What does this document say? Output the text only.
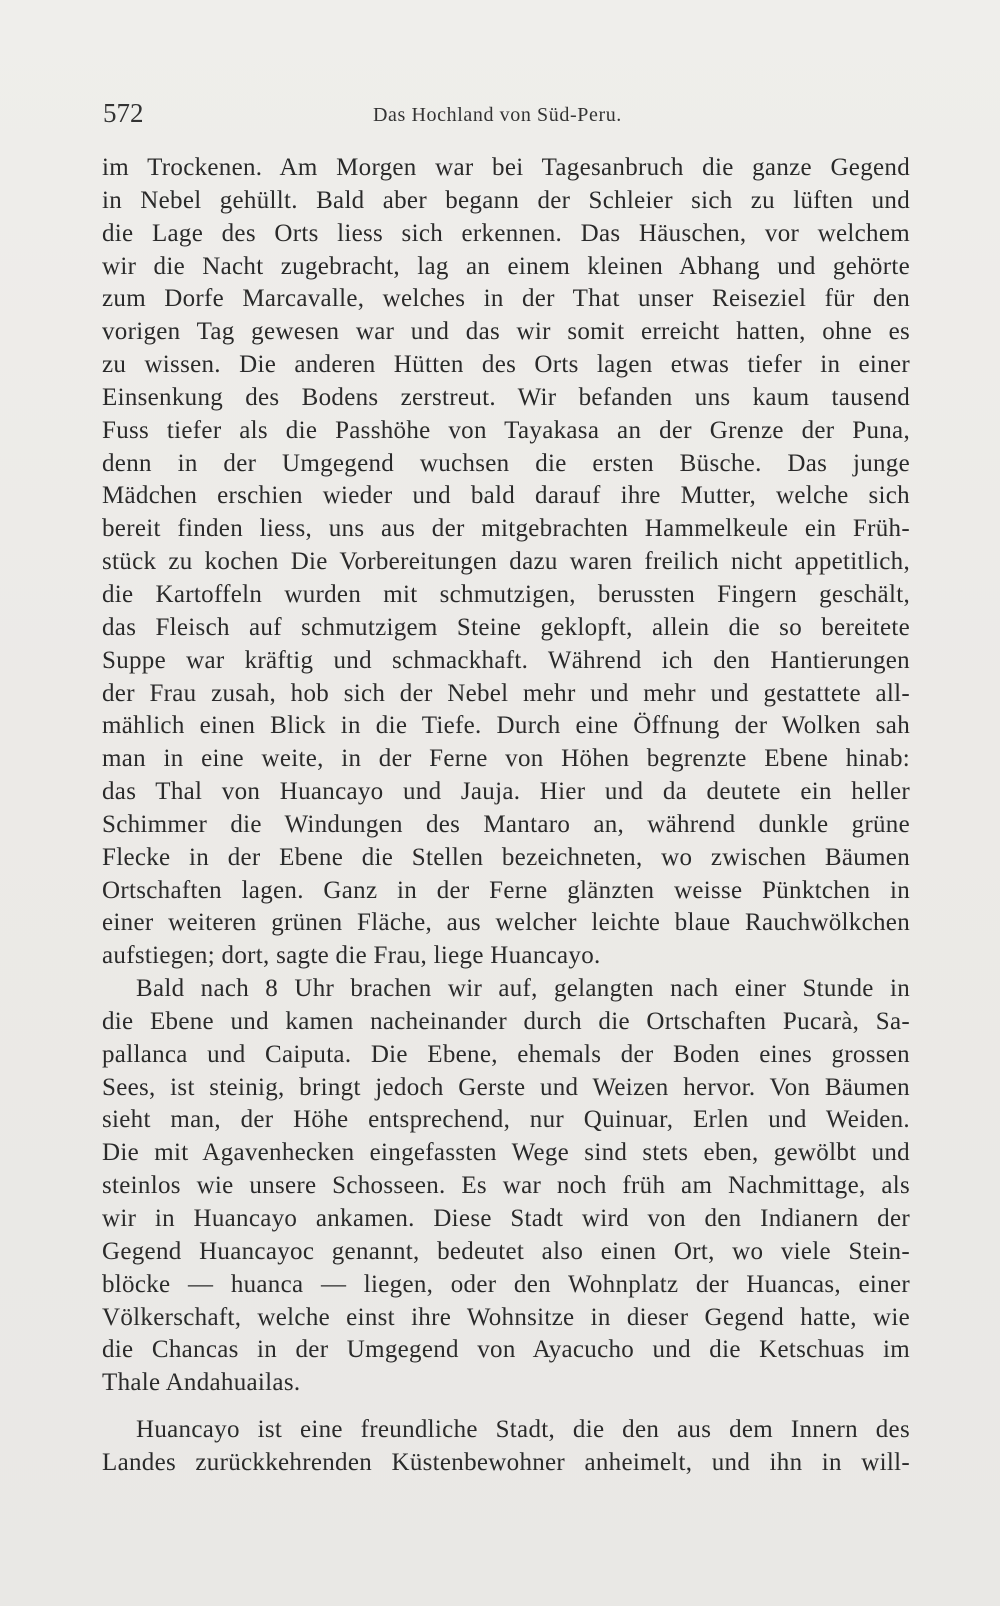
572	Das Hochland von Süd-Peru.
im Trockenen. Am Morgen war bei Tagesanbruch die ganze Gegend
in Nebel gehüllt. Bald aber begann der Schleier sich zu lüften und
die Lage des Orts liess sich erkennen. Das Häuschen, vor welchem
wir die Nacht zugebracht, lag an einem kleinen Abhang und gehörte
zum Dorfe Marcavalle, welches in der That unser Reiseziel für den
vorigen Tag gewesen war und das wir somit erreicht hatten, ohne es
zu wissen. Die anderen Hütten des Orts lagen etwas tiefer in einer
Einsenkung des Bodens zerstreut. Wir befanden uns kaum tausend
Fuss tiefer als die Passhöhe von Tayakasa an der Grenze der Puna,
denn in der Umgegend wuchsen die ersten Büsche. Das junge
Mädchen erschien wieder und bald darauf ihre Mutter, welche sich
bereit finden liess, uns aus der mitgebrachten Hammelkeule ein Früh-
stück zu kochen Die Vorbereitungen dazu waren freilich nicht appetitlich,
die Kartoffeln wurden mit schmutzigen, berussten Fingern geschält,
das Fleisch auf schmutzigem Steine geklopft, allein die so bereitete
Suppe war kräftig und schmackhaft. Während ich den Hantierungen
der Frau zusah, hob sich der Nebel mehr und mehr und gestattete all-
mählich einen Blick in die Tiefe. Durch eine Öffnung der Wolken sah
man in eine weite, in der Ferne von Höhen begrenzte Ebene hinab:
das Thal von Huancayo und Jauja. Hier und da deutete ein heller
Schimmer die Windungen des Mantaro an, während dunkle grüne
Flecke in der Ebene die Stellen bezeichneten, wo zwischen Bäumen
Ortschaften lagen. Ganz in der Ferne glänzten weisse Pünktchen in
einer weiteren grünen Fläche, aus welcher leichte blaue Rauchwölkchen
aufstiegen; dort, sagte die Frau, liege Huancayo.
Bald nach 8 Uhr brachen wir auf, gelangten nach einer Stunde in
die Ebene und kamen nacheinander durch die Ortschaften Pucarà, Sa-
pallanca und Caiputa. Die Ebene, ehemals der Boden eines grossen
Sees, ist steinig, bringt jedoch Gerste und Weizen hervor. Von Bäumen
sieht man, der Höhe entsprechend, nur Quinuar, Erlen und Weiden.
Die mit Agavenhecken eingefassten Wege sind stets eben, gewölbt und
steinlos wie unsere Schosseen. Es war noch früh am Nachmittage, als
wir in Huancayo ankamen. Diese Stadt wird von den Indianern der
Gegend Huancayoc genannt, bedeutet also einen Ort, wo viele Stein-
blöcke — huanca — liegen, oder den Wohnplatz der Huancas, einer
Völkerschaft, welche einst ihre Wohnsitze in dieser Gegend hatte, wie
die Chancas in der Umgegend von Ayacucho und die Ketschuas im
Thale Andahuailas.
Huancayo ist eine freundliche Stadt, die den aus dem Innern des
Landes zurückkehrenden Küstenbewohner anheimelt, und ihn in will-
